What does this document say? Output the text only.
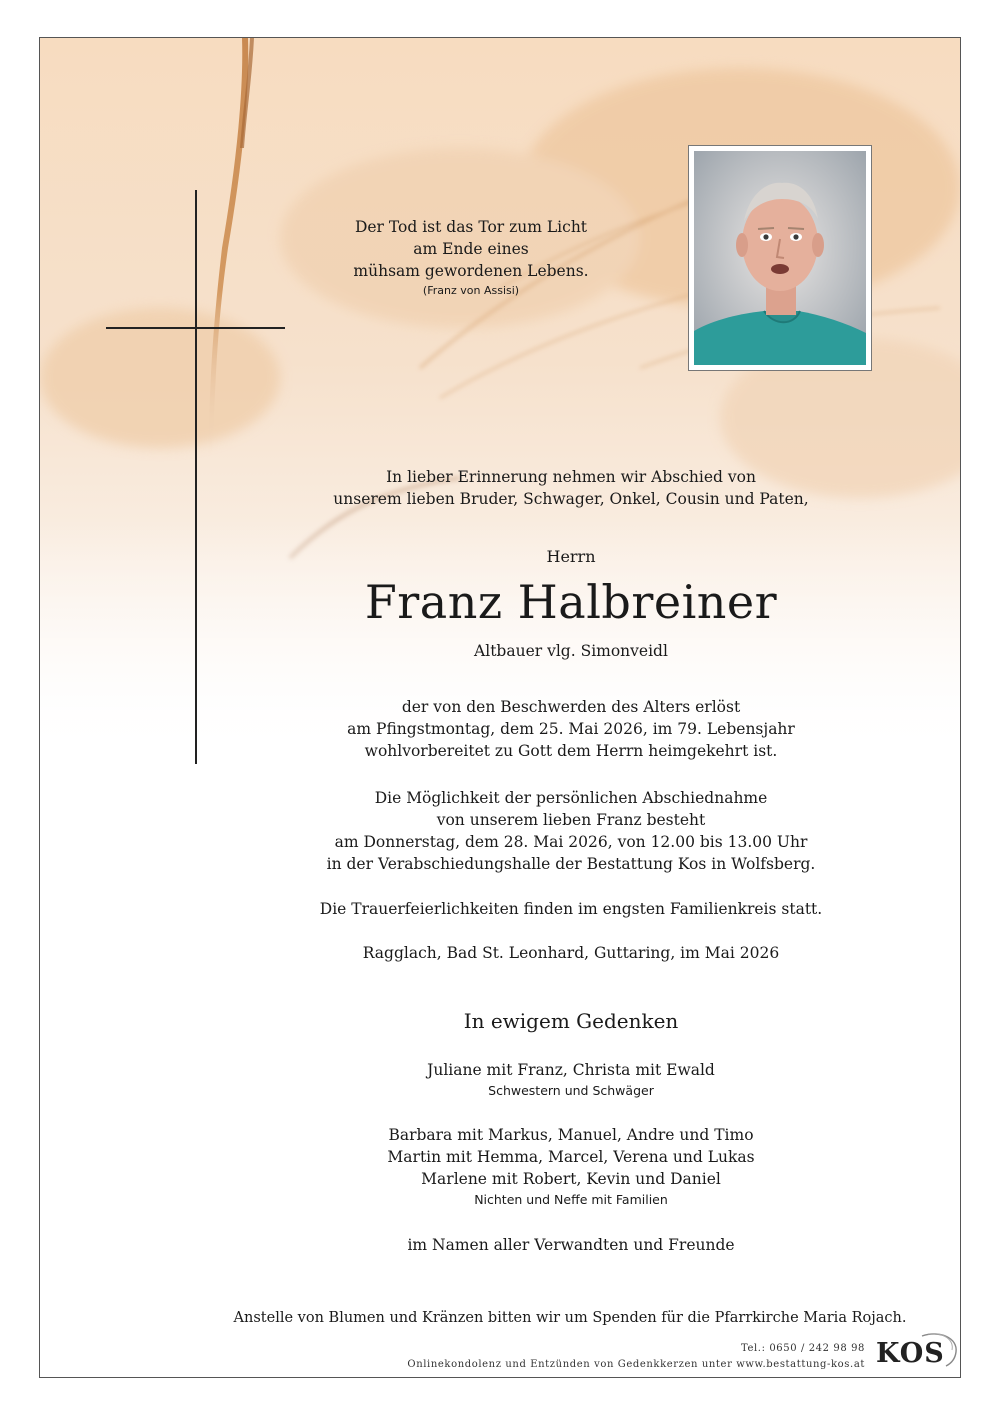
Der Tod ist das Tor zum Licht
am Ende eines
mühsam gewordenen Lebens.
(Franz von Assisi)
In lieber Erinnerung nehmen wir Abschied von
unserem lieben Bruder, Schwager, Onkel, Cousin und Paten,
Herrn
Franz Halbreiner
Altbauer vlg. Simonveidl
der von den Beschwerden des Alters erlöst
am Pfingstmontag, dem 25. Mai 2026, im 79. Lebensjahr
wohlvorbereitet zu Gott dem Herrn heimgekehrt ist.
Die Möglichkeit der persönlichen Abschiednahme
von unserem lieben Franz besteht
am Donnerstag, dem 28. Mai 2026, von 12.00 bis 13.00 Uhr
in der Verabschiedungshalle der Bestattung Kos in Wolfsberg.
Die Trauerfeierlichkeiten finden im engsten Familienkreis statt.
Ragglach, Bad St. Leonhard, Guttaring, im Mai 2026
In ewigem Gedenken
Juliane mit Franz, Christa mit Ewald
Schwestern und Schwäger
Barbara mit Markus, Manuel, Andre und Timo
Martin mit Hemma, Marcel, Verena und Lukas
Marlene mit Robert, Kevin und Daniel
Nichten und Neffe mit Familien
im Namen aller Verwandten und Freunde
Anstelle von Blumen und Kränzen bitten wir um Spenden für die Pfarrkirche Maria Rojach.
Tel.: 0650 / 242 98 98
Onlinekondolenz und Entzünden von Gedenkkerzen unter www.bestattung-kos.at KOS
